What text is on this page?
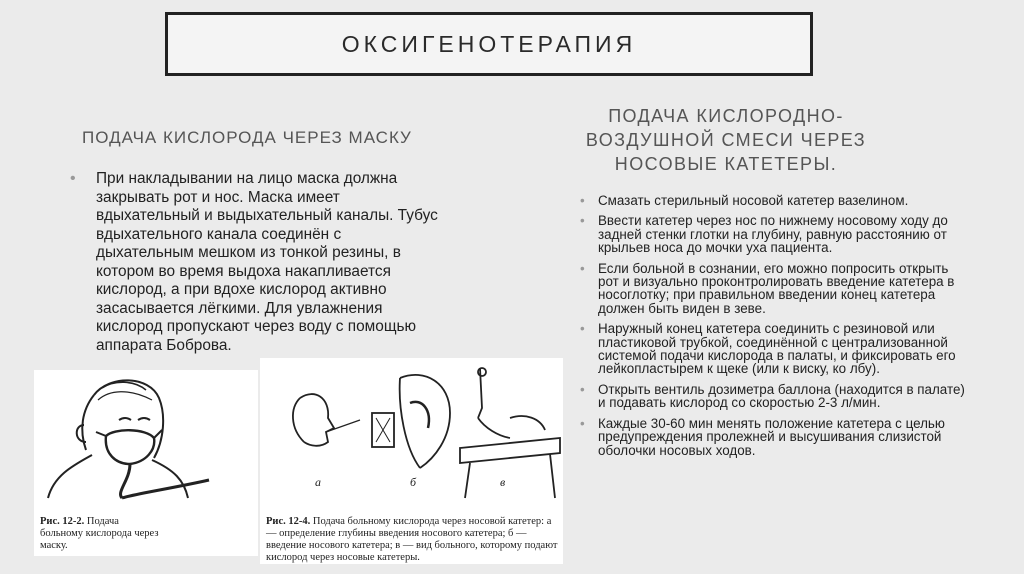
ОКСИГЕНОТЕРАПИЯ
ПОДАЧА КИСЛОРОДА ЧЕРЕЗ МАСКУ
ПОДАЧА КИСЛОРОДНО-ВОЗДУШНОЙ СМЕСИ ЧЕРЕЗ НОСОВЫЕ КАТЕТЕРЫ.
• При накладывании на лицо маска должна закрывать рот и нос. Маска имеет вдыхательный и выдыхательный каналы. Тубус вдыхательного канала соединён с дыхательным мешком из тонкой резины, в котором во время выдоха накапливается кислород, а при вдохе кислород активно засасывается лёгкими. Для увлажнения кислород пропускают через воду с помощью аппарата Боброва.

• Смазать стерильный носовой катетер вазелином.
• Ввести катетер через нос по нижнему носовому ходу до задней стенки глотки на глубину, равную расстоянию от крыльев носа до мочки уха пациента.
• Если больной в сознании, его можно попросить открыть рот и визуально проконтролировать введение катетера в носоглотку; при правильном введении конец катетера должен быть виден в зеве.
• Наружный конец катетера соединить с резиновой или пластиковой трубкой, соединённой с централизованной системой подачи кислорода в палаты, и фиксировать его лейкопластырем к щеке (или к виску, ко лбу).
• Открыть вентиль дозиметра баллона (находится в палате) и подавать кислород со скоростью 2-3 л/мин.
• Каждые 30-60 мин менять положение катетера с целью предупреждения пролежней и высушивания слизистой оболочки носовых ходов.
Рис. 12-2. Подача больному кислорода через маску.
а	б	в
Рис. 12-4. Подача больному кислорода через носовой катетер: а — определение глубины введения носового катетера; б — введение носового катетера; в — вид больного, которому подают кислород через носовые катетеры.
